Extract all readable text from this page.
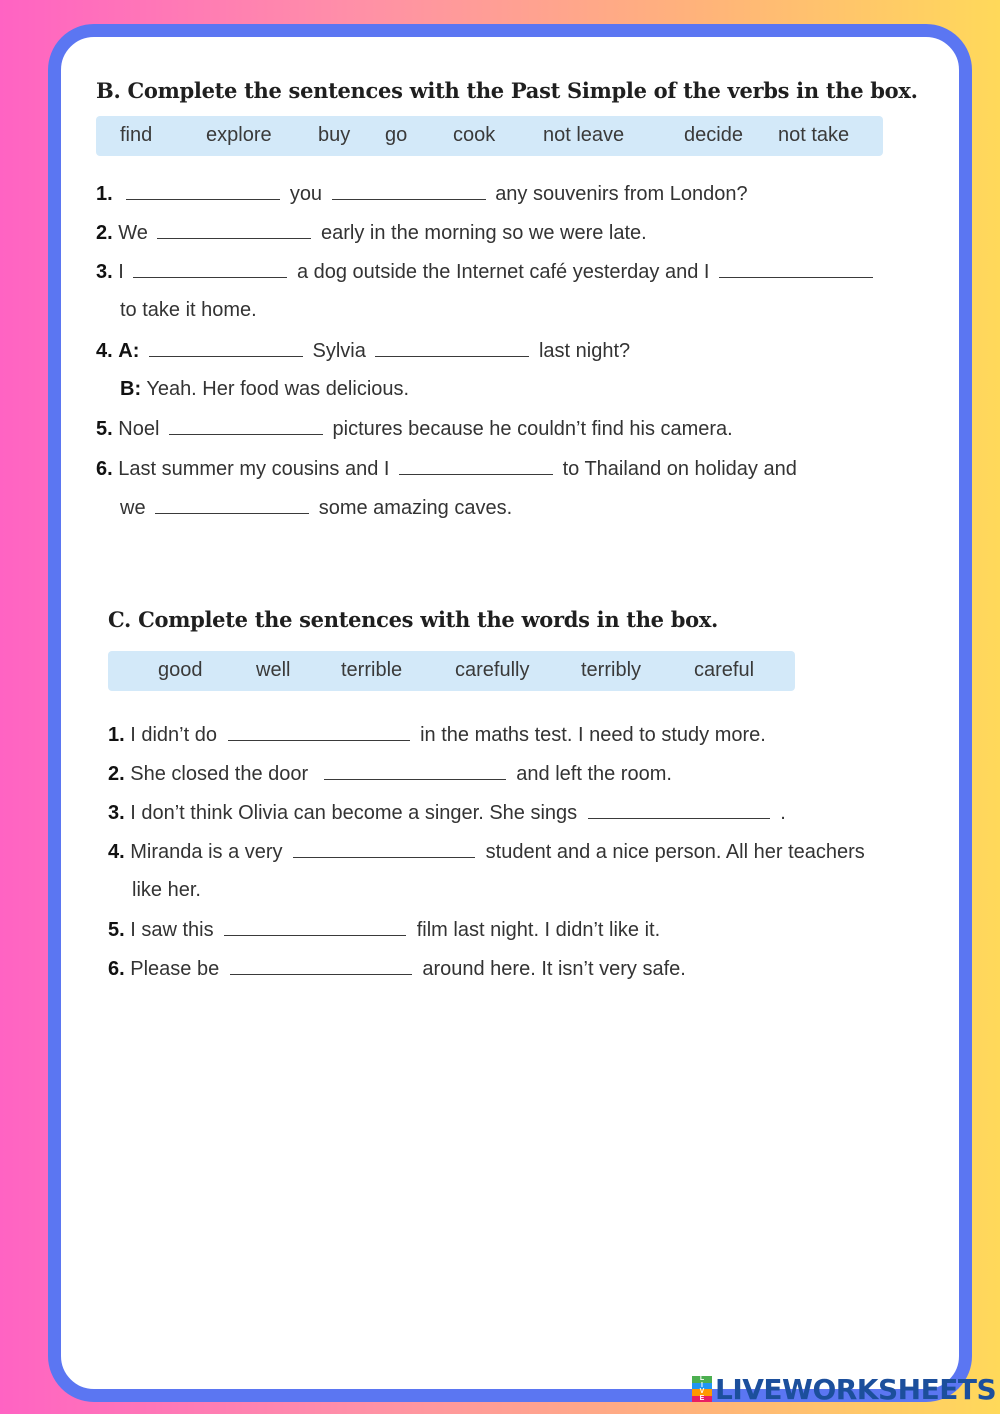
B. Complete the sentences with the Past Simple of the verbs in the box.
find	explore buy go cook not leave	decide not take
1.	you	any souvenirs from London?
2. We	early in the morning so we were late.
3. I	a dog outside the Internet café yesterday and I
to take it home.
4. A:	Sylvia	last night?
B: Yeah. Her food was delicious.
5. Noel	pictures because he couldn’t find his camera.
6. Last summer my cousins and I	to Thailand on holiday and
we	some amazing caves.
C. Complete the sentences with the words in the box.
good	well	terrible	carefully	terribly	careful
1. I didn’t do	in the maths test. I need to study more.
2. She closed the door	and left the room.
3. I don’t think Olivia can become a singer. She sings	.
4. Miranda is a very	student and a nice person. All her teachers
like her.
5. I saw this	film last night. I didn’t like it.
6. Please be	around here. It isn’t very safe.
L
I
V
E LIVEWORKSHEETS
